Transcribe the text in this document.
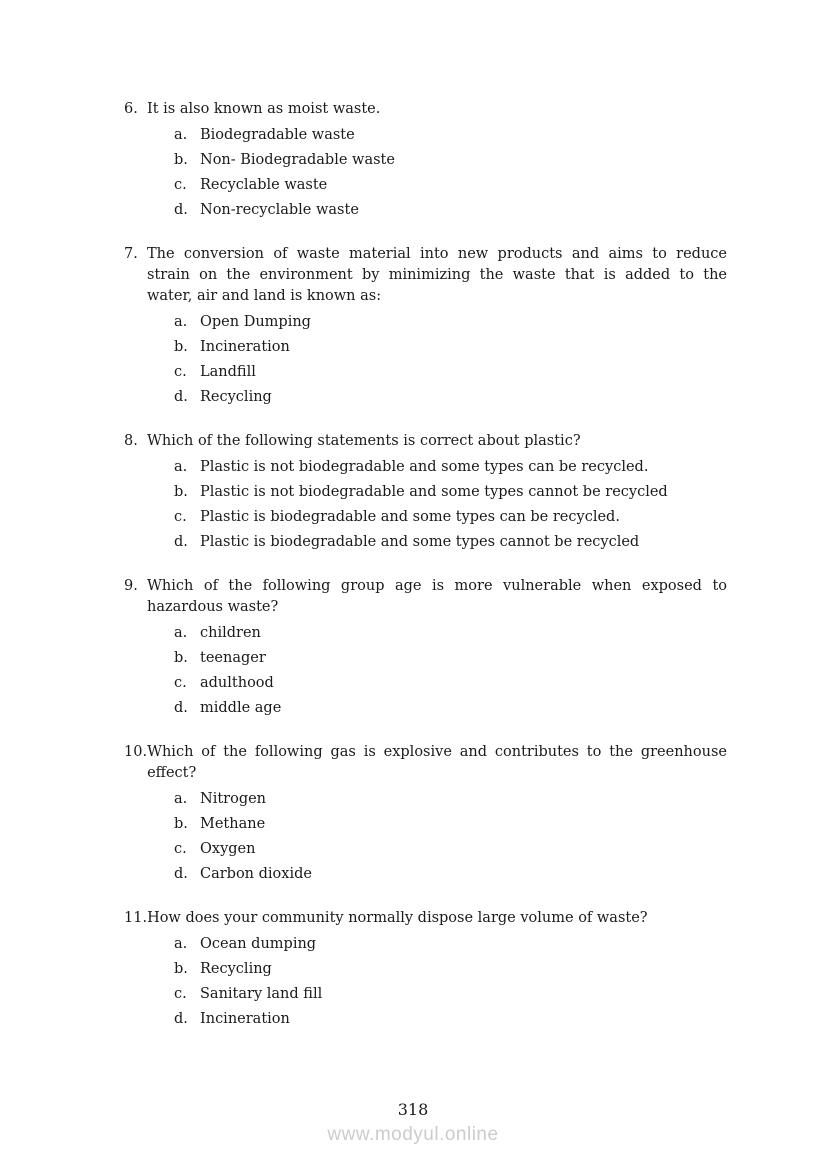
6. It is also known as moist waste.
a. Biodegradable waste
b. Non- Biodegradable waste
c. Recyclable waste
d. Non-recyclable waste
7. The conversion of waste material into new products and aims to reduce
strain on the environment by minimizing the waste that is added to the
water, air and land is known as:
a. Open Dumping
b. Incineration
c. Landfill
d. Recycling
8. Which of the following statements is correct about plastic?
a. Plastic is not biodegradable and some types can be recycled.
b. Plastic is not biodegradable and some types cannot be recycled
c. Plastic is biodegradable and some types can be recycled.
d. Plastic is biodegradable and some types cannot be recycled
9. Which of the following group age is more vulnerable when exposed to
hazardous waste?
a. children
b. teenager
c. adulthood
d. middle age
10. Which of the following gas is explosive and contributes to the greenhouse
effect?
a. Nitrogen
b. Methane
c. Oxygen
d. Carbon dioxide
11. How does your community normally dispose large volume of waste?
a. Ocean dumping
b. Recycling
c. Sanitary land fill
d. Incineration
318
www.modyul.online
